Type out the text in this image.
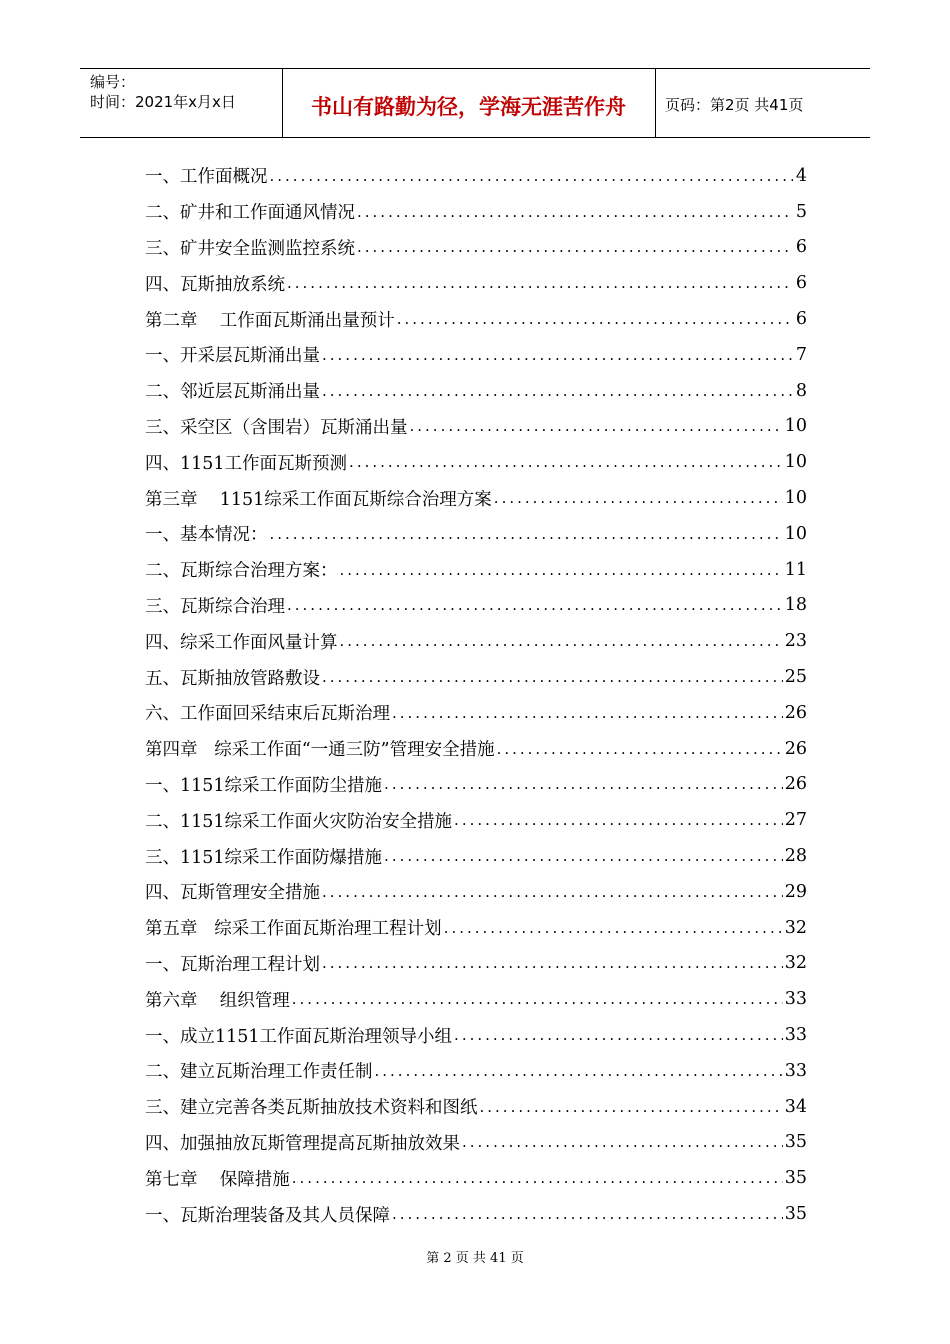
编号：
时间：2021年x月x日	书山有路勤为径，学海无涯苦作舟	页码：第2页 共41页
一、工作面概况 .....	4
二、矿井和工作面通风情况 .....	5
三、矿井安全监测监控系统 .....	6
四、瓦斯抽放系统 .....	6
第二章    工作面瓦斯涌出量预计 .....	6
一、开采层瓦斯涌出量 .....	7
二、邻近层瓦斯涌出量 .....	8
三、采空区（含围岩）瓦斯涌出量 .....	10
四、1151工作面瓦斯预测 .....	10
第三章    1151综采工作面瓦斯综合治理方案 .....	10
一、基本情况： .....	10
二、瓦斯综合治理方案： .....	11
三、瓦斯综合治理 .....	18
四、综采工作面风量计算 .....	23
五、瓦斯抽放管路敷设 .....	25
六、工作面回采结束后瓦斯治理 .....	26
第四章   综采工作面“一通三防”管理安全措施 .....	26
一、1151综采工作面防尘措施 .....	26
二、1151综采工作面火灾防治安全措施 .....	27
三、1151综采工作面防爆措施 .....	28
四、瓦斯管理安全措施 .....	29
第五章   综采工作面瓦斯治理工程计划 .....	32
一、瓦斯治理工程计划 .....	32
第六章    组织管理 .....	33
一、成立1151工作面瓦斯治理领导小组 .....	33
二、建立瓦斯治理工作责任制 .....	33
三、建立完善各类瓦斯抽放技术资料和图纸 .....	34
四、加强抽放瓦斯管理提高瓦斯抽放效果 .....	35
第七章    保障措施 .....	35
一、瓦斯治理装备及其人员保障 .....	35
第 2 页 共 41 页
